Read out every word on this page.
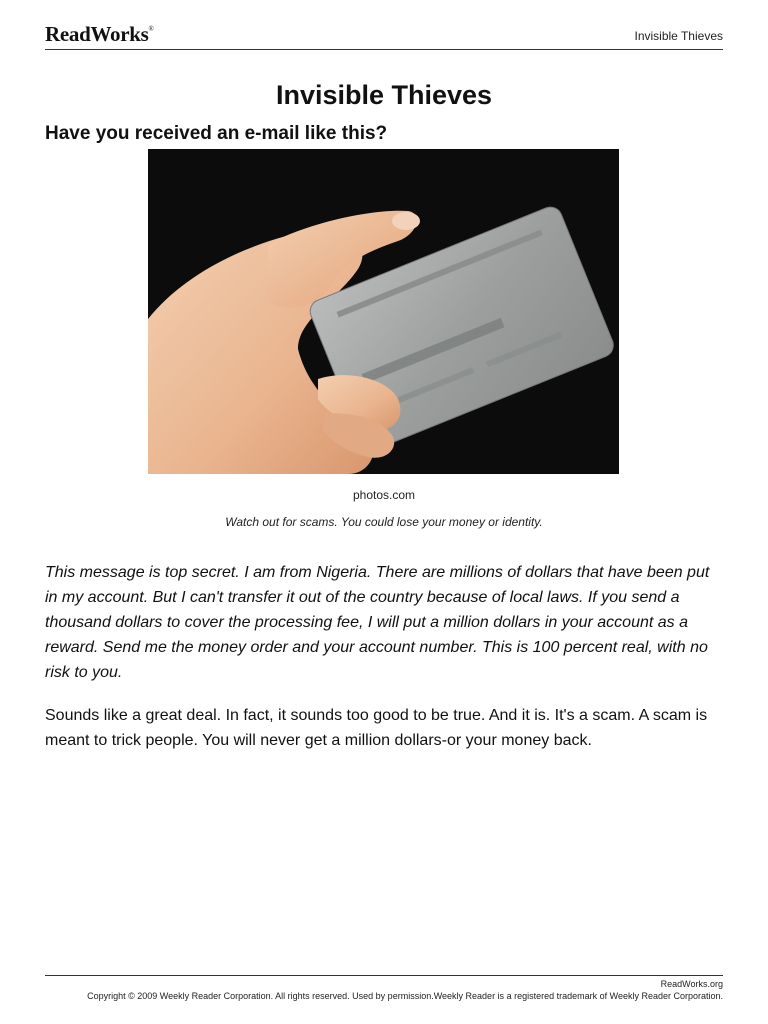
ReadWorks®	Invisible Thieves
Invisible Thieves
Have you received an e-mail like this?
photos.com
Watch out for scams. You could lose your money or identity.

This message is top secret. I am from Nigeria. There are millions of dollars that have been put in my account. But I can't transfer it out of the country because of local laws. If you send a thousand dollars to cover the processing fee, I will put a million dollars in your account as a reward. Send me the money order and your account number. This is 100 percent real, with no risk to you.

Sounds like a great deal. In fact, it sounds too good to be true. And it is. It's a scam. A scam is meant to trick people. You will never get a million dollars-or your money back.

ReadWorks.org
Copyright © 2009 Weekly Reader Corporation. All rights reserved. Used by permission.Weekly Reader is a registered trademark of Weekly Reader Corporation.
